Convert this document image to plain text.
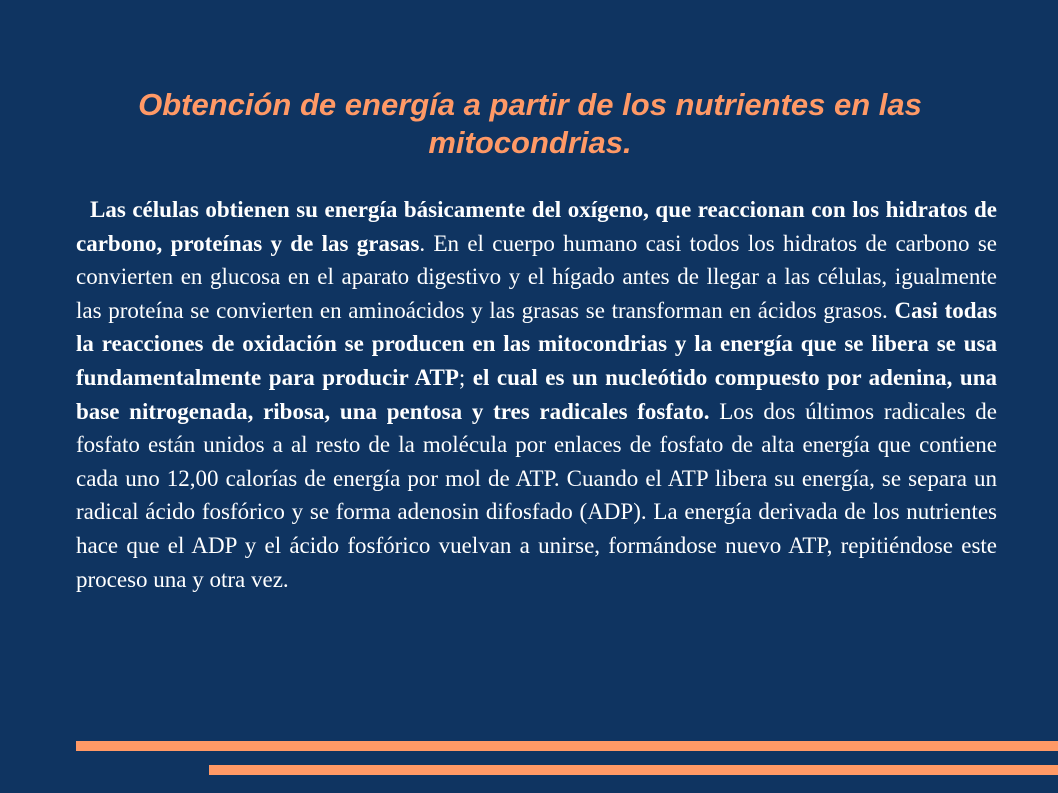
Obtención de energía a partir de los nutrientes en las mitocondrias.

Las células obtienen su energía básicamente del oxígeno, que reaccionan con los hidratos de carbono, proteínas y de las grasas. En el cuerpo humano casi todos los hidratos de carbono se convierten en glucosa en el aparato digestivo y el hígado antes de llegar a las células, igualmente las proteína se convierten en aminoácidos y las grasas se transforman en ácidos grasos. Casi todas la reacciones de oxidación se producen en las mitocondrias y la energía que se libera se usa fundamentalmente para producir ATP; el cual es un nucleótido compuesto por adenina, una base nitrogenada, ribosa, una pentosa y tres radicales fosfato. Los dos últimos radicales de fosfato están unidos a al resto de la molécula por enlaces de fosfato de alta energía que contiene cada uno 12,00 calorías de energía por mol de ATP. Cuando el ATP libera su energía, se separa un radical ácido fosfórico y se forma adenosin difosfado (ADP). La energía derivada de los nutrientes hace que el ADP y el ácido fosfórico vuelvan a unirse, formándose nuevo ATP, repitiéndose este proceso una y otra vez.
